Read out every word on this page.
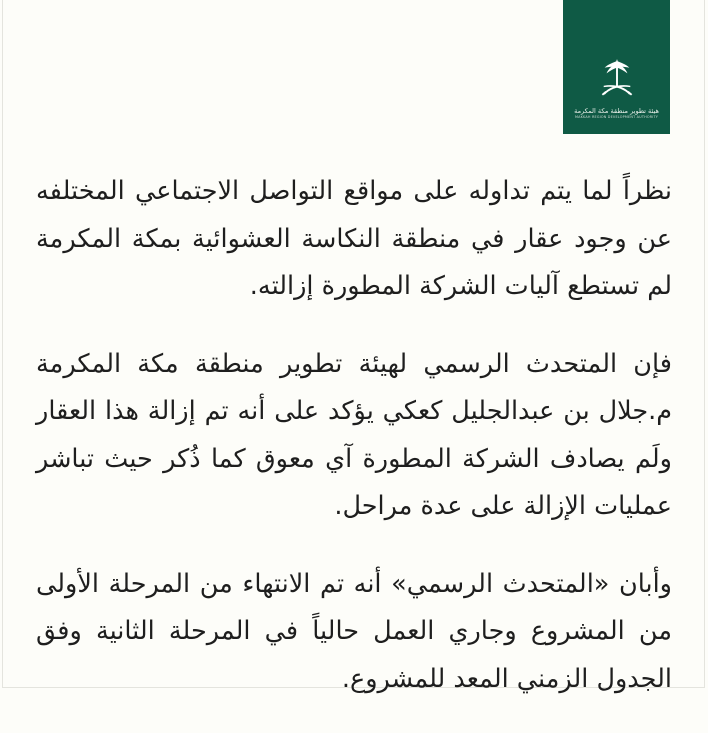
هيئة تطوير منطقة مكة المكرمة
MAKKAH REGION DEVELOPMENT AUTHORITY

نظراً لما يتم تداوله على مواقع التواصل الاجتماعي المختلفه
عن وجود عقار في منطقة النكاسة العشوائية بمكة المكرمة
لم تستطع آليات الشركة المطورة إزالته.

فإن المتحدث الرسمي لهيئة تطوير منطقة مكة المكرمة
م.جلال بن عبدالجليل كعكي يؤكد على أنه تم إزالة هذا العقار
ولَم يصادف الشركة المطورة آي معوق كما ذُكر حيث تباشر
عمليات الإزالة على عدة مراحل.

وأبان «المتحدث الرسمي» أنه تم الانتهاء من المرحلة الأولى
من المشروع وجاري العمل حالياً في المرحلة الثانية وفق
الجدول الزمني المعد للمشروع.
